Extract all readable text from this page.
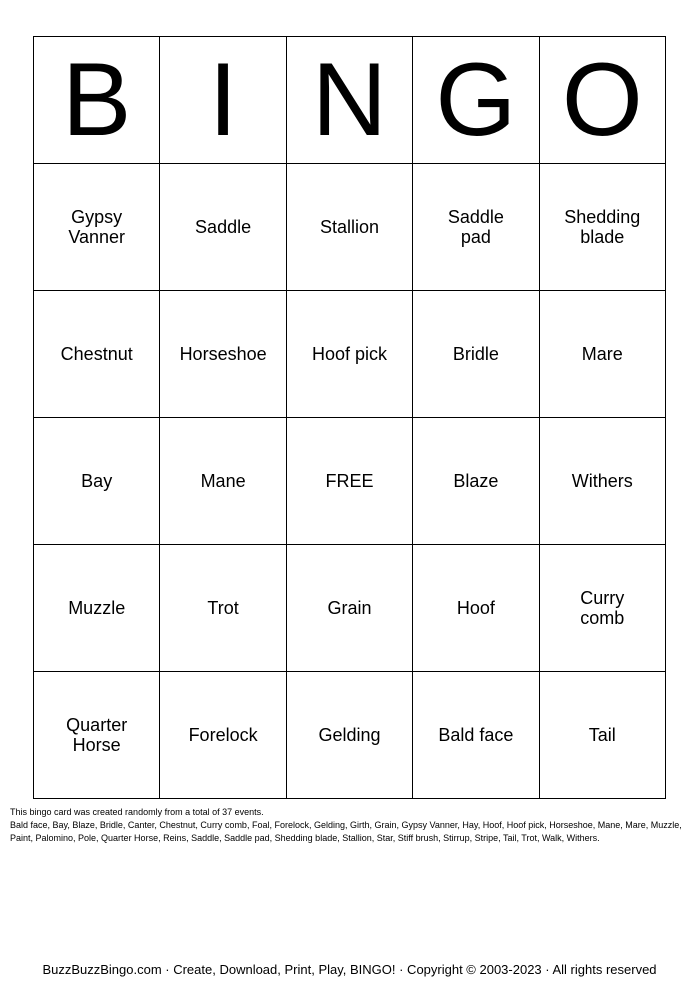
B	I	N	G	O
Gypsy Vanner	Saddle	Stallion	Saddle pad	Shedding blade
Chestnut	Horseshoe	Hoof pick	Bridle	Mare
Bay	Mane	FREE	Blaze	Withers
Muzzle	Trot	Grain	Hoof	Curry comb
Quarter Horse	Forelock	Gelding	Bald face	Tail
This bingo card was created randomly from a total of 37 events.
Bald face, Bay, Blaze, Bridle, Canter, Chestnut, Curry comb, Foal, Forelock, Gelding, Girth, Grain, Gypsy Vanner, Hay, Hoof, Hoof pick, Horseshoe, Mane, Mare, Muzzle, Paint, Palomino, Pole, Quarter Horse, Reins, Saddle, Saddle pad, Shedding blade, Stallion, Star, Stiff brush, Stirrup, Stripe, Tail, Trot, Walk, Withers.
BuzzBuzzBingo.com · Create, Download, Print, Play, BINGO! · Copyright © 2003-2023 · All rights reserved
